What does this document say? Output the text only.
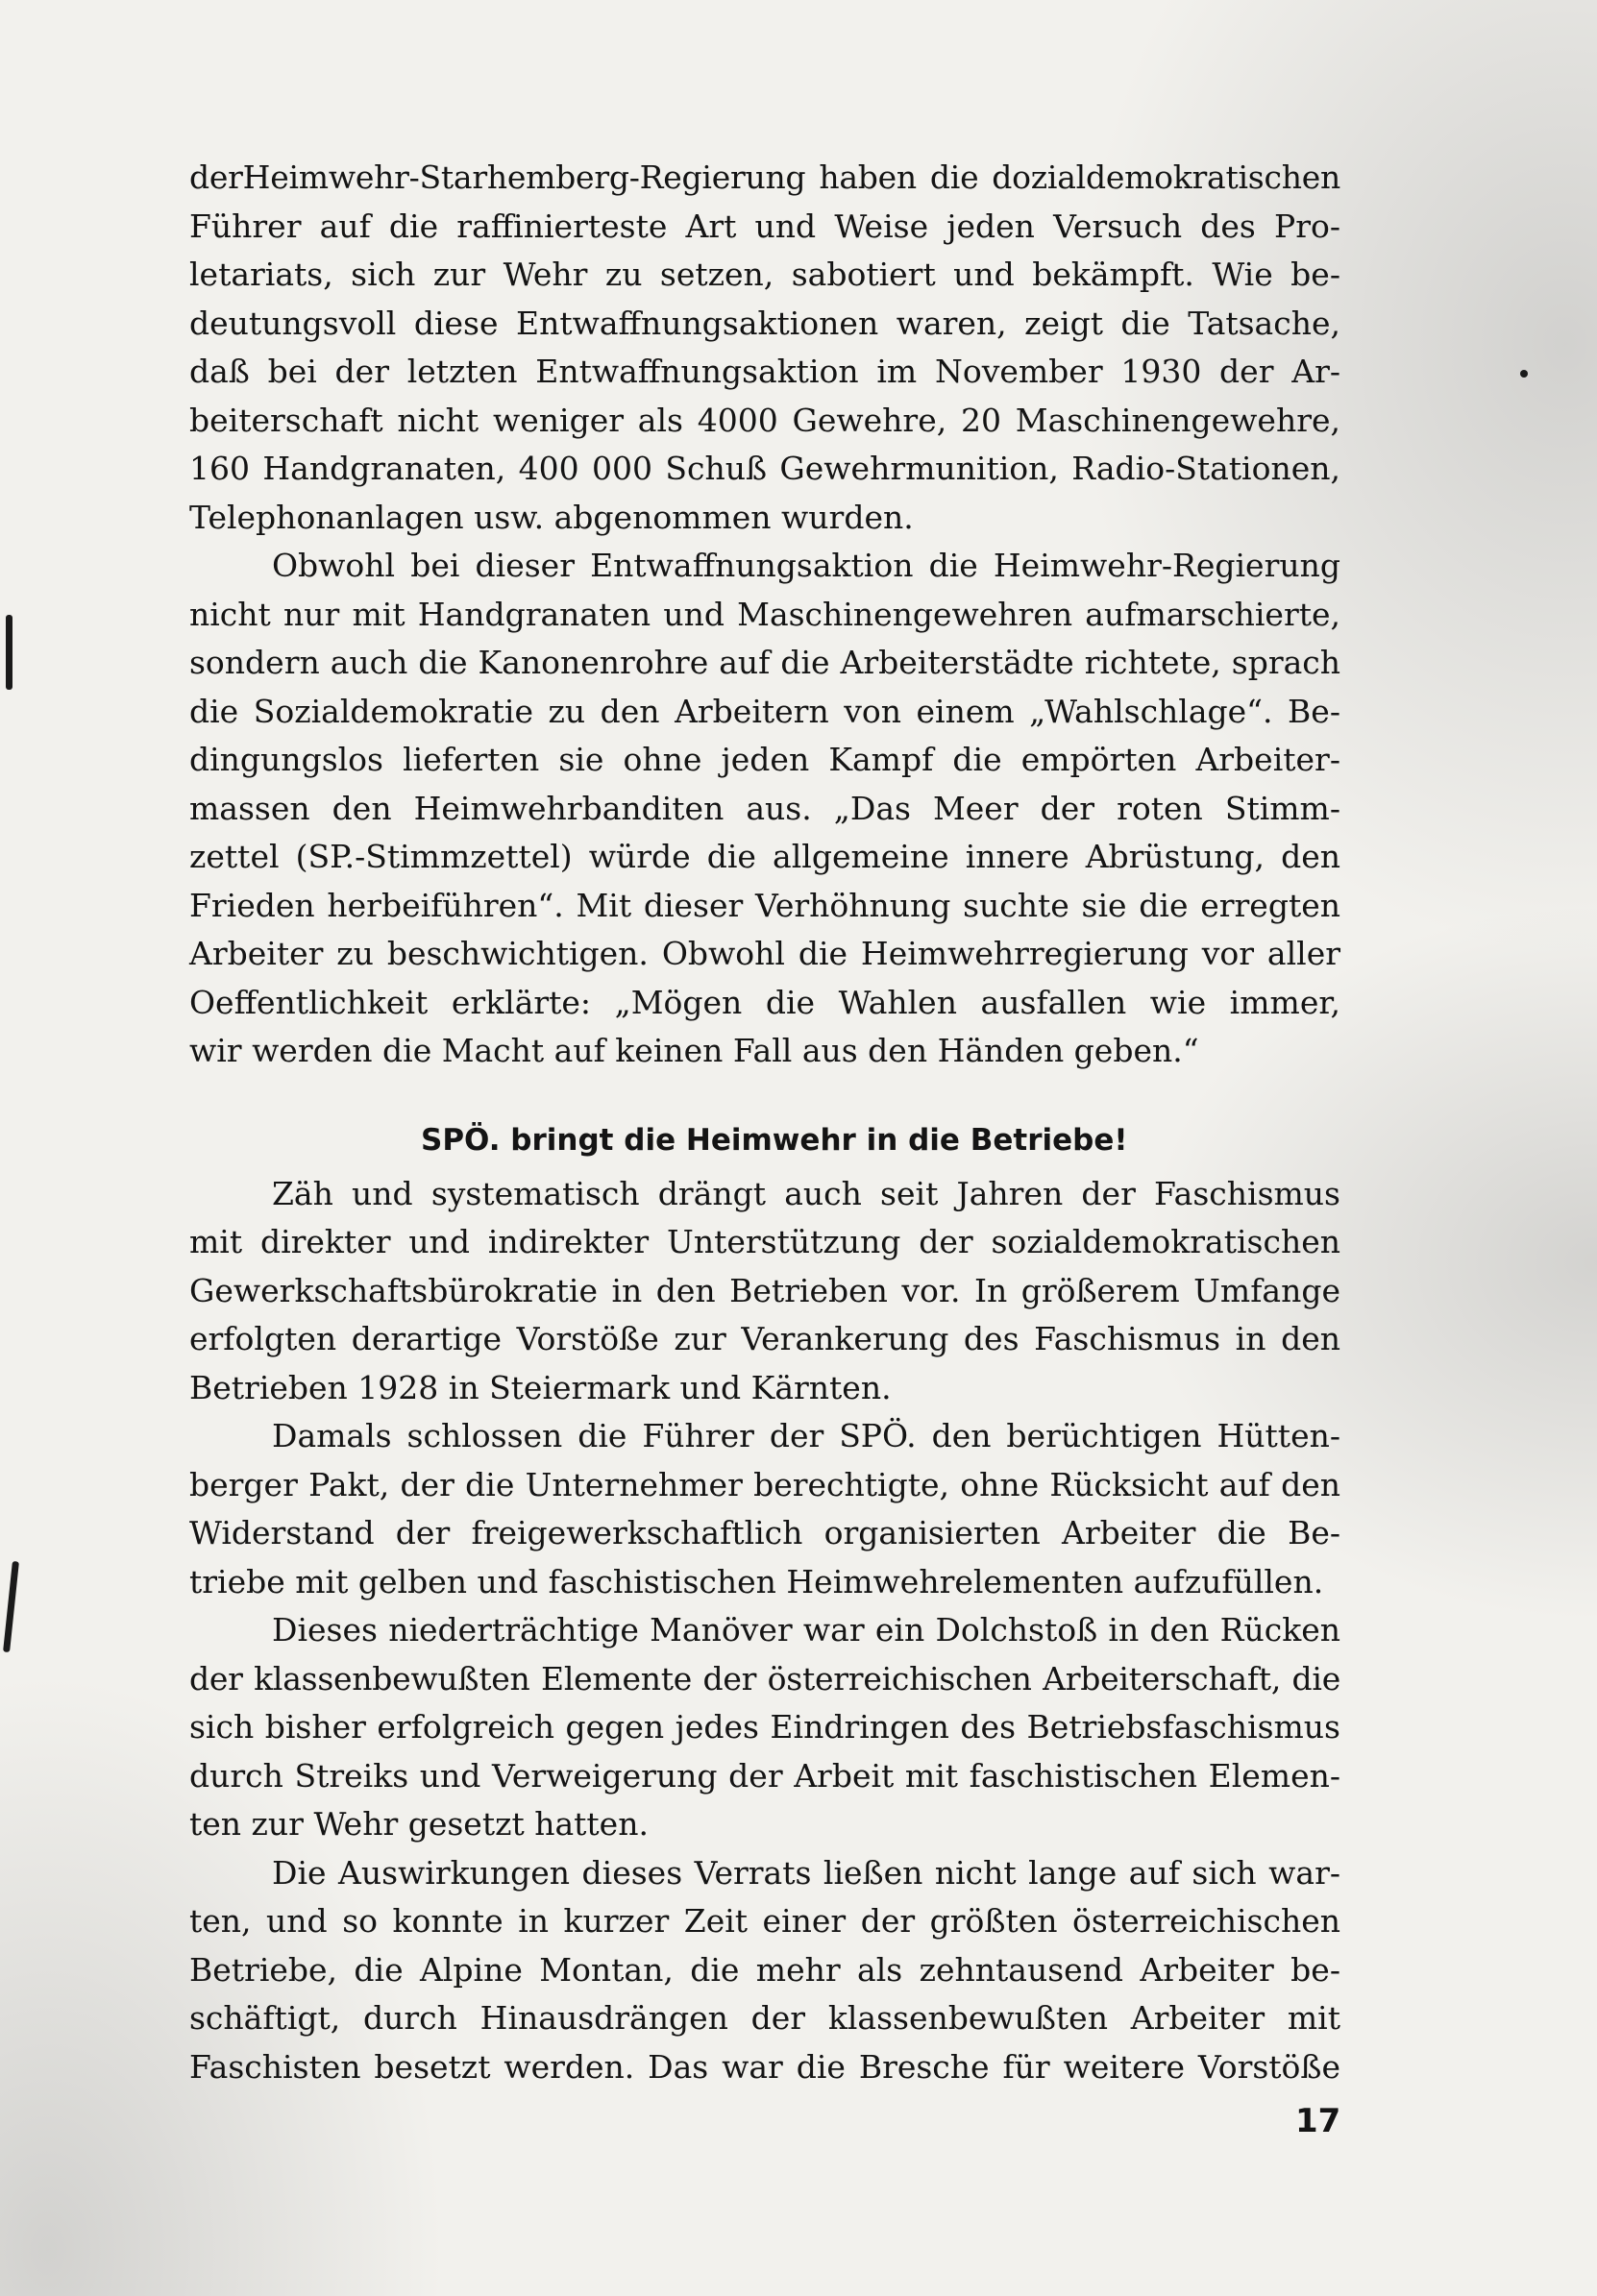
derHeimwehr-Starhemberg-Regierung haben die dozialdemokratischen
Führer auf die raffinierteste Art und Weise jeden Versuch des Pro-
letariats, sich zur Wehr zu setzen, sabotiert und bekämpft. Wie be-
deutungsvoll diese Entwaffnungsaktionen waren, zeigt die Tatsache,
daß bei der letzten Entwaffnungsaktion im November 1930 der Ar-
beiterschaft nicht weniger als 4000 Gewehre, 20 Maschinengewehre,
160 Handgranaten, 400 000 Schuß Gewehrmunition, Radio-Stationen,
Telephonanlagen usw. abgenommen wurden.
Obwohl bei dieser Entwaffnungsaktion die Heimwehr-Regierung
nicht nur mit Handgranaten und Maschinengewehren aufmarschierte,
sondern auch die Kanonenrohre auf die Arbeiterstädte richtete, sprach
die Sozialdemokratie zu den Arbeitern von einem „Wahlschlage“. Be-
dingungslos lieferten sie ohne jeden Kampf die empörten Arbeiter-
massen den Heimwehrbanditen aus. „Das Meer der roten Stimm-
zettel (SP.-Stimmzettel) würde die allgemeine innere Abrüstung, den
Frieden herbeiführen“. Mit dieser Verhöhnung suchte sie die erregten
Arbeiter zu beschwichtigen. Obwohl die Heimwehrregierung vor aller
Oeffentlichkeit erklärte: „Mögen die Wahlen ausfallen wie immer,
wir werden die Macht auf keinen Fall aus den Händen geben.“
SPÖ. bringt die Heimwehr in die Betriebe!
Zäh und systematisch drängt auch seit Jahren der Faschismus
mit direkter und indirekter Unterstützung der sozialdemokratischen
Gewerkschaftsbürokratie in den Betrieben vor. In größerem Umfange
erfolgten derartige Vorstöße zur Verankerung des Faschismus in den
Betrieben 1928 in Steiermark und Kärnten.
Damals schlossen die Führer der SPÖ. den berüchtigen Hütten-
berger Pakt, der die Unternehmer berechtigte, ohne Rücksicht auf den
Widerstand der freigewerkschaftlich organisierten Arbeiter die Be-
triebe mit gelben und faschistischen Heimwehrelementen aufzufüllen.
Dieses niederträchtige Manöver war ein Dolchstoß in den Rücken
der klassenbewußten Elemente der österreichischen Arbeiterschaft, die
sich bisher erfolgreich gegen jedes Eindringen des Betriebsfaschismus
durch Streiks und Verweigerung der Arbeit mit faschistischen Elemen-
ten zur Wehr gesetzt hatten.
Die Auswirkungen dieses Verrats ließen nicht lange auf sich war-
ten, und so konnte in kurzer Zeit einer der größten österreichischen
Betriebe, die Alpine Montan, die mehr als zehntausend Arbeiter be-
schäftigt, durch Hinausdrängen der klassenbewußten Arbeiter mit
Faschisten besetzt werden. Das war die Bresche für weitere Vorstöße
17
